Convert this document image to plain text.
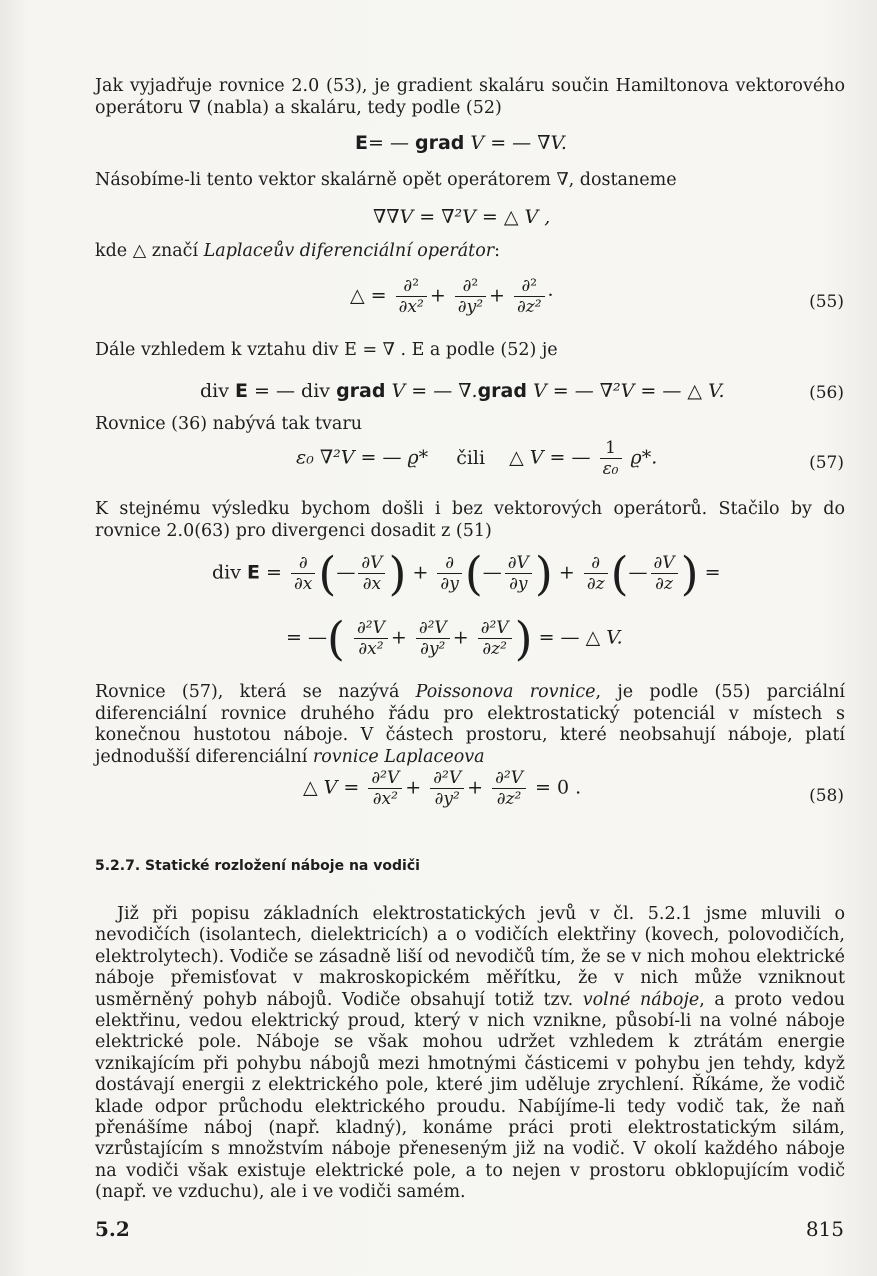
Jak vyjadřuje rovnice 2.0 (53), je gradient skaláru součin Hamiltonova vektorového operátoru ∇ (nabla) a skaláru, tedy podle (52)

E= — grad V = — ∇V.

Násobíme-li tento vektor skalárně opět operátorem ∇, dostaneme

∇∇V = ∇²V = △ V ,

kde △ značí Laplaceův diferenciální operátor:

△ = $\frac{\text{∂²}}{\text{∂x²}} + \frac{\text{∂²}}{\text{∂y²}} + \frac{\text{∂²}}{\text{∂z²}}$ ·	(55)

Dále vzhledem k vztahu div E = ∇ . E a podle (52) je

div E = — div grad V = — ∇.grad V = — ∇²V = — △ V.	(56)

Rovnice (36) nabývá tak tvaru

ε₀ ∇²V = — ϱ* čili △ V = — $\frac{1}{\text{ε₀}} ϱ*$.	(57)

K stejnému výsledku bychom došli i bez vektorových operátorů. Stačilo by do rovnice 2.0(63) pro divergenci dosadit z (51)

div $E = \frac{\partial}{\partial x}$ (— $\frac{\partial V}{\partial x}$ ) + $\frac{\partial}{\partial y}$ (— $\frac{\partial V}{\partial y}$ ) + $\frac{\partial}{\partial z}$ (— $\frac{\partial V}{\partial z}$ ) =
= —( $\frac{\text{∂²V}}{\text{∂x²}} + \frac{\text{∂²V}}{\text{∂y²}} + \frac{\text{∂²V}}{\text{∂z²}}$ ) = — △ V.

Rovnice (57), která se nazývá Poissonova rovnice, je podle (55) parciální diferenciální rovnice druhého řádu pro elektrostatický potenciál v místech s konečnou hustotou náboje. V částech prostoru, které neobsahují náboje, platí jednodušší diferenciální rovnice Laplaceova

△ $V = \frac{\text{∂²V}}{\text{∂x²}} + \frac{\text{∂²V}}{\text{∂y²}} + \frac{\text{∂²V}}{\text{∂z²}} = 0$ .	(58)
5.2.7. Statické rozložení náboje na vodiči

Již při popisu základních elektrostatických jevů v čl. 5.2.1 jsme mluvili o nevodičích (isolantech, dielektricích) a o vodičích elektřiny (kovech, polovodičích, elektrolytech). Vodiče se zásadně liší od nevodičů tím, že se v nich mohou elektrické náboje přemisťovat v makroskopickém měřítku, že v nich může vzniknout usměrněný pohyb nábojů. Vodiče obsahují totiž tzv. volné náboje, a proto vedou elektřinu, vedou elektrický proud, který v nich vznikne, působí-li na volné náboje elektrické pole. Náboje se však mohou udržet vzhledem k ztrátám energie vznikajícím při pohybu nábojů mezi hmotnými částicemi v pohybu jen tehdy, když dostávají energii z elektrického pole, které jim uděluje zrychlení. Říkáme, že vodič klade odpor průchodu elektrického proudu. Nabíjíme-li tedy vodič tak, že naň přenášíme náboj (např. kladný), konáme práci proti elektrostatickým silám, vzrůstajícím s množstvím náboje přeneseným již na vodič. V okolí každého náboje na vodiči však existuje elektrické pole, a to nejen v prostoru obklopujícím vodič (např. ve vzduchu), ale i ve vodiči samém.

5.2	815
